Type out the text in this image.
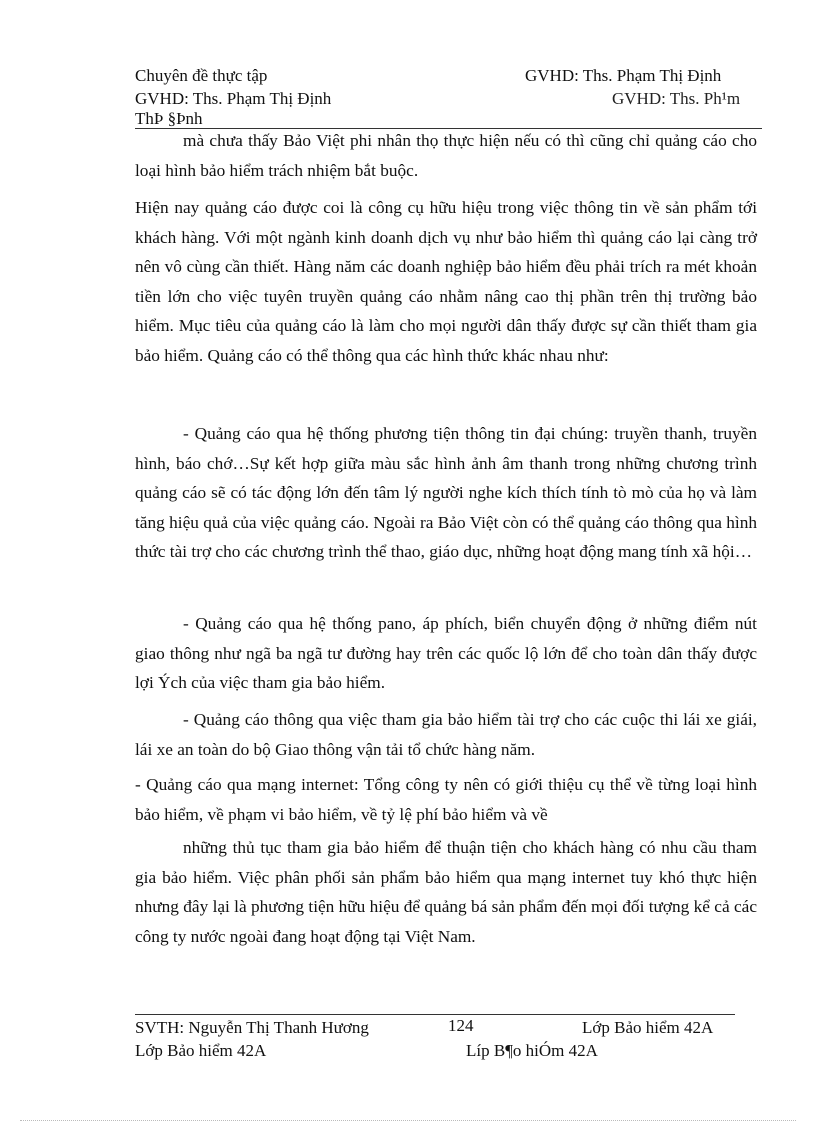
Chuyên đề thực tập	GVHD: Ths. Phạm Thị Định
GVHD: Ths. Phạm Thị Định	GVHD: Ths. Ph¹m
ThÞ §Þnh
mà chưa thấy Bảo Việt phi nhân thọ thực hiện nếu có thì cũng chỉ quảng cáo cho loại hình bảo hiểm trách nhiệm bắt buộc.
Hiện nay quảng cáo được coi là công cụ hữu hiệu trong việc thông tin về sản phẩm tới khách hàng. Với một ngành kinh doanh dịch vụ như bảo hiểm thì quảng cáo lại càng trở nên vô cùng cần thiết. Hàng năm các doanh nghiệp bảo hiểm đều phải trích ra mét khoản tiền lớn cho việc tuyên truyền quảng cáo nhằm nâng cao thị phần trên thị trường bảo hiểm. Mục tiêu của quảng cáo là làm cho mọi người dân thấy được sự cần thiết tham gia bảo hiểm. Quảng cáo có thể thông qua các hình thức khác nhau như:
- Quảng cáo qua hệ thống phương tiện thông tin đại chúng: truyền thanh, truyền hình, báo chớ…Sự kết hợp giữa màu sắc hình ảnh âm thanh trong những chương trình quảng cáo sẽ có tác động lớn đến tâm lý người nghe kích thích tính tò mò của họ và làm tăng hiệu quả của việc quảng cáo. Ngoài ra Bảo Việt còn có thể quảng cáo thông qua hình thức tài trợ cho các chương trình thể thao, giáo dục, những hoạt động mang tính xã hội…
- Quảng cáo qua hệ thống pano, áp phích, biển chuyển động ở những điểm nút giao thông như ngã ba ngã tư đường hay trên các quốc lộ lớn để cho toàn dân thấy được lợi Ých của việc tham gia bảo hiểm.
- Quảng cáo thông qua việc tham gia bảo hiểm tài trợ cho các cuộc thi lái xe giái, lái xe an toàn do bộ Giao thông vận tải tổ chức hàng năm.
- Quảng cáo qua mạng internet: Tổng công ty nên có giới thiệu cụ thể về từng loại hình bảo hiểm, về phạm vi bảo hiểm, về tỷ lệ phí bảo hiểm và về
những thủ tục tham gia bảo hiểm để thuận tiện cho khách hàng có nhu cầu tham gia bảo hiểm. Việc phân phối sản phẩm bảo hiểm qua mạng internet tuy khó thực hiện nhưng đây lại là phương tiện hữu hiệu để quảng bá sản phẩm đến mọi đối tượng kể cả các công ty nước ngoài đang hoạt động tại Việt Nam.
SVTH: Nguyễn Thị Thanh Hương	124	Lớp Bảo hiểm 42A
Lớp Bảo hiểm 42A	Líp B¶o hiÓm 42A
